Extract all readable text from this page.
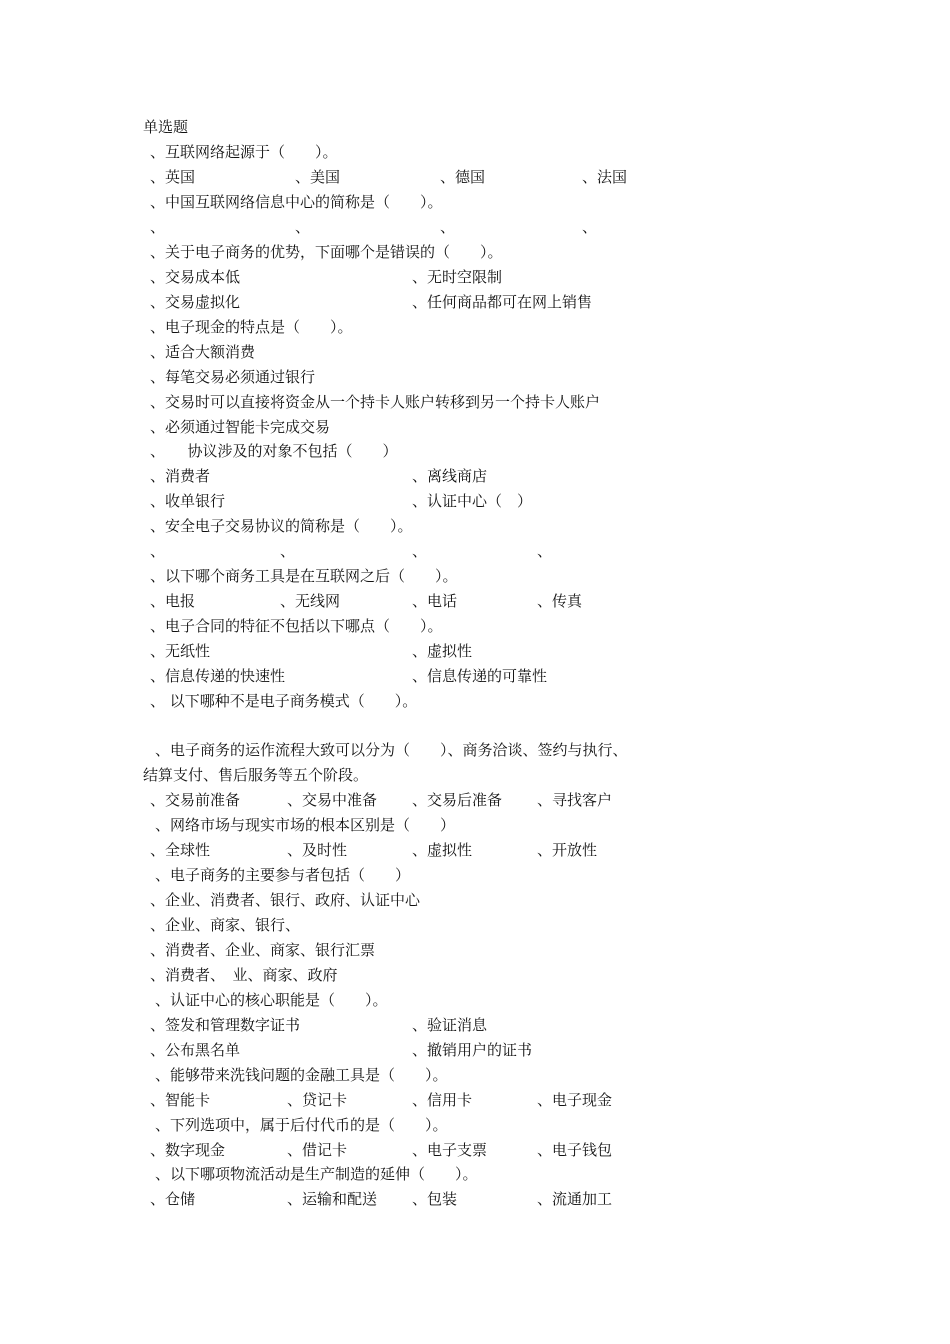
单选题

、互联网络起源于（　　）。
、英国	、美国	、德国	、法国
、中国互联网络信息中心的简称是（　　）。
、	、	、	、
、关于电子商务的优势，下面哪个是错误的（　　）。
、交易成本低	、无时空限制
、交易虚拟化	、任何商品都可在网上销售
、电子现金的特点是（　　）。
、适合大额消费
、每笔交易必须通过银行
、交易时可以直接将资金从一个持卡人账户转移到另一个持卡人账户
、必须通过智能卡完成交易
、　　协议涉及的对象不包括（　　）
、消费者	、离线商店
、收单银行	、认证中心（　）
、安全电子交易协议的简称是（　　）。
、	、	、	、
、以下哪个商务工具是在互联网之后（　　）。
、电报	、无线网	、电话	、传真
、电子合同的特征不包括以下哪点（　　）。
、无纸性	、虚拟性
、信息传递的快速性	、信息传递的可靠性
、 以下哪种不是电子商务模式（　　）。
、电子商务的运作流程大致可以分为（　　）、商务洽谈、签约与执行、
结算支付、售后服务等五个阶段。
、交易前准备	、交易中准备 、交易后准备 、寻找客户
、网络市场与现实市场的根本区别是（　　）
、全球性	、及时性	、虚拟性	、开放性
、电子商务的主要参与者包括（　　）
、企业、消费者、银行、政府、认证中心
、企业、商家、银行、
、消费者、企业、商家、银行汇票
、消费者、　业、商家、政府
、认证中心的核心职能是（　　）。
、签发和管理数字证书	、验证消息
、公布黑名单	、撤销用户的证书
、能够带来洗钱问题的金融工具是（　　）。
、智能卡	、贷记卡	、信用卡	、电子现金
、下列选项中，属于后付代币的是（　　）。
、数字现金	、借记卡	、电子支票	、电子钱包
、以下哪项物流活动是生产制造的延伸（　　）。
、仓储	、运输和配送 、包装	、流通加工
